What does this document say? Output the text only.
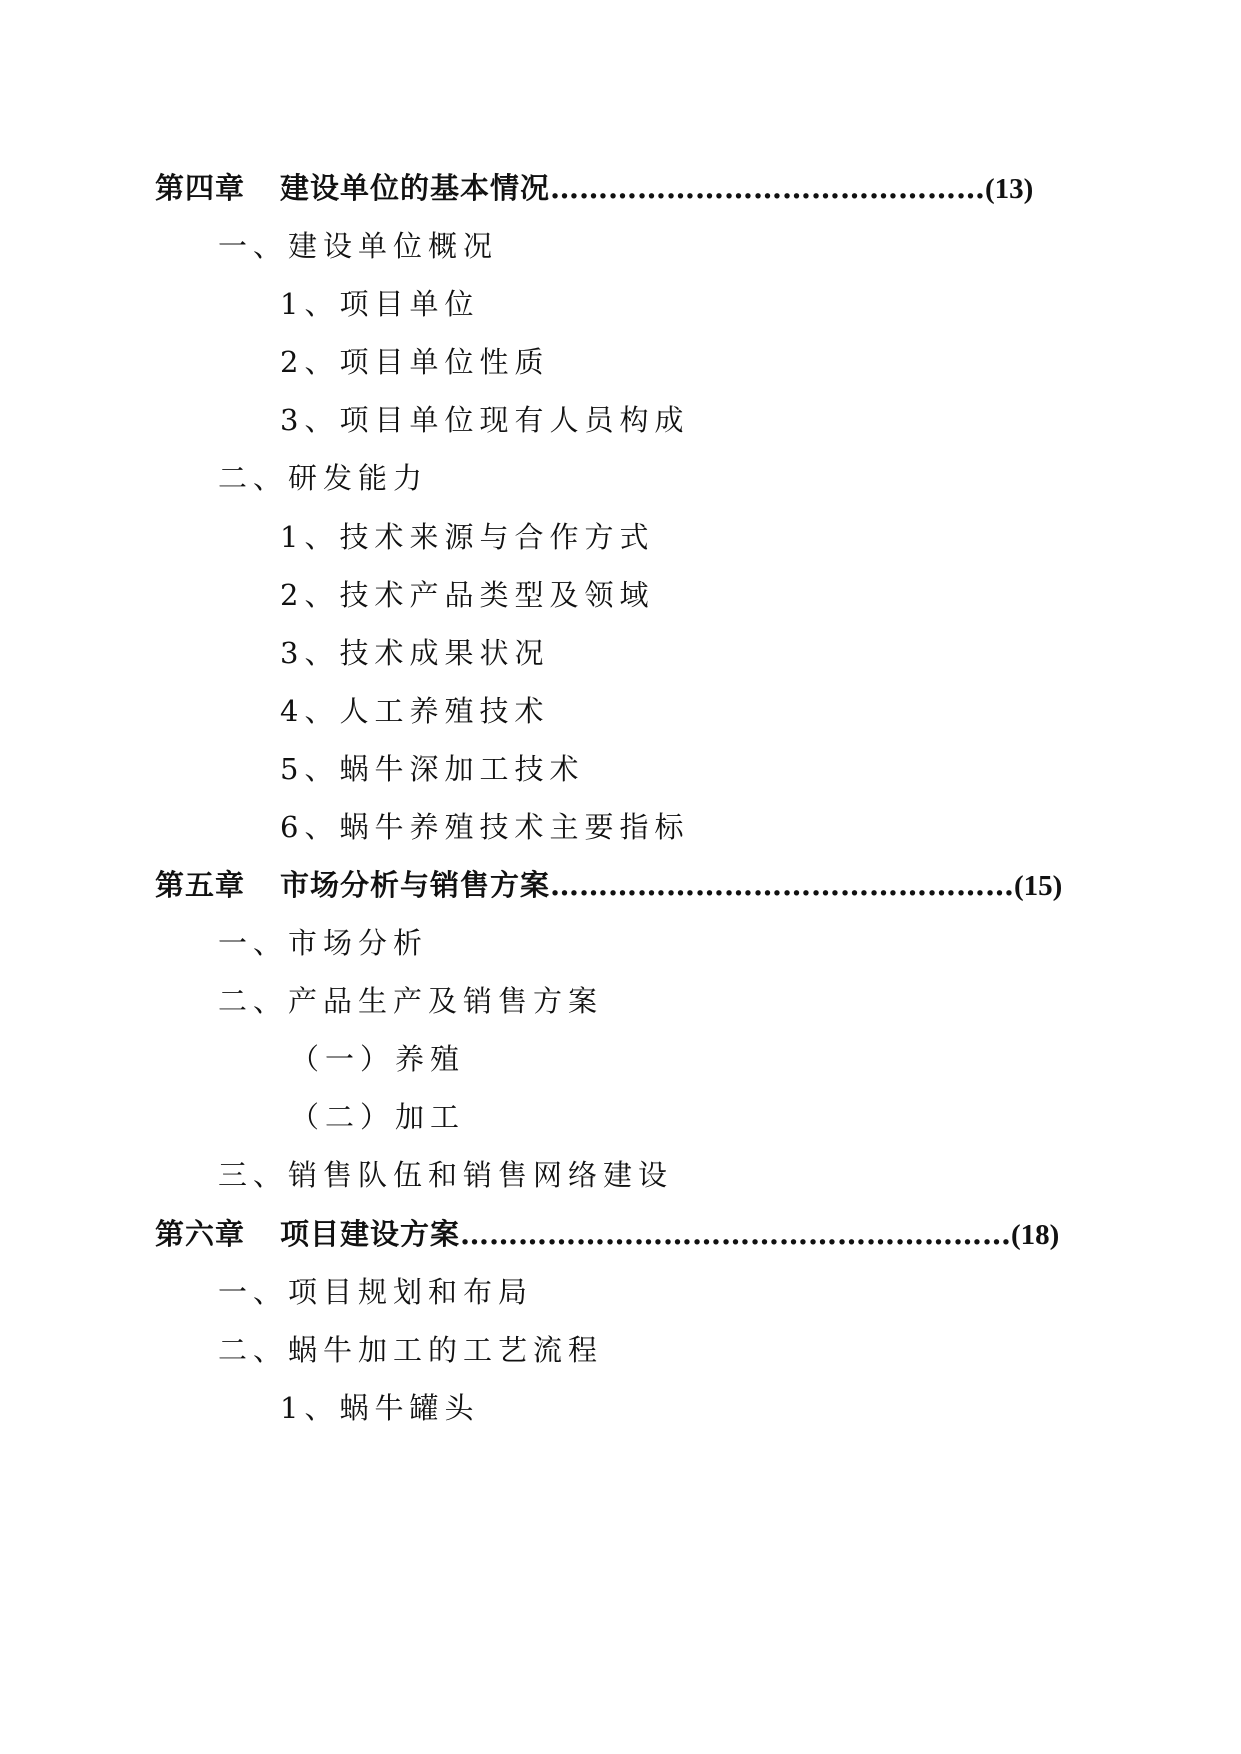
第四章 建设单位的基本情况………………………………………(13)
一、建设单位概况
1、项目单位
2、项目单位性质
3、项目单位现有人员构成
二、研发能力
1、技术来源与合作方式
2、技术产品类型及领域
3、技术成果状况
4、人工养殖技术
5、蜗牛深加工技术
6、蜗牛养殖技术主要指标
第五章 市场分析与销售方案…………………………………………(15)
一、市场分析
二、产品生产及销售方案
（一）养殖
（二）加工
三、销售队伍和销售网络建设
第六章 项目建设方案…………………………………………………(18)
一、项目规划和布局
二、蜗牛加工的工艺流程
1、蜗牛罐头
